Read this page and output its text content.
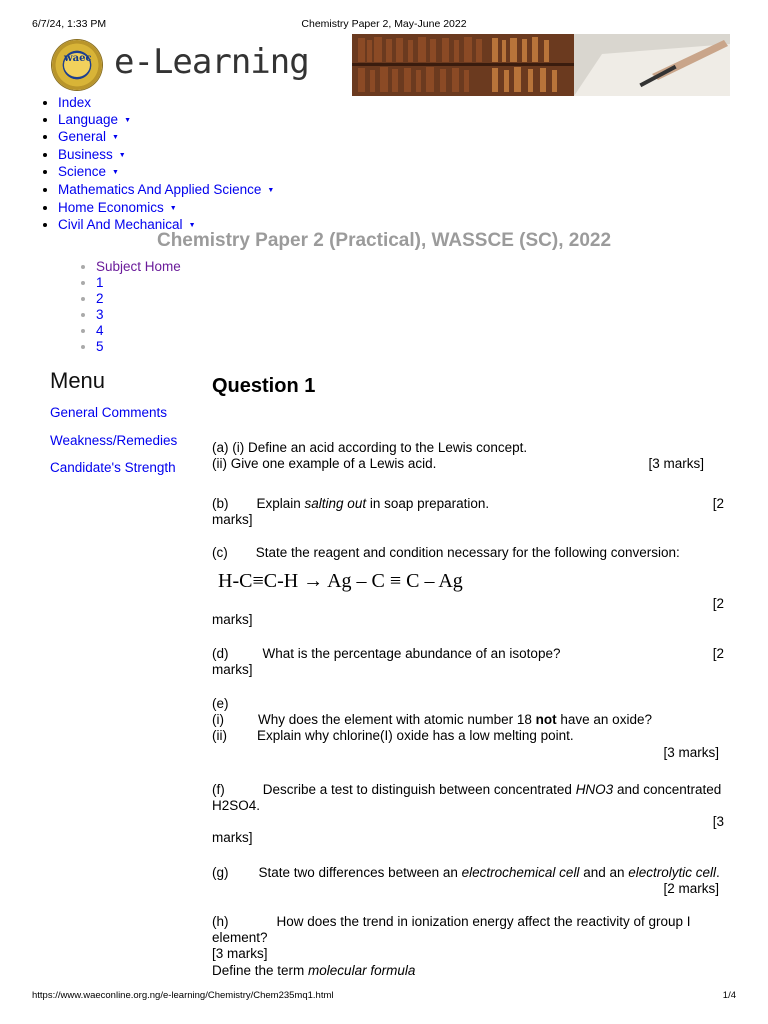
6/7/24, 1:33 PM	Chemistry Paper 2, May-June 2022
waec e-Learning
• Index
• Language ▼
• General ▼
• Business ▼
• Science ▼
• Mathematics And Applied Science ▼
• Home Economics ▼
• Civil And Mechanical ▼
Chemistry Paper 2 (Practical), WASSCE (SC), 2022
• Subject Home
• 1
• 2
• 3
• 4
• 5
Menu
General Comments
Weakness/Remedies
Candidate's Strength
Question 1
(a) (i) Define an acid according to the Lewis concept.
(ii) Give one example of a Lewis acid.	[3 marks]
(b) Explain salting out in soap preparation.	[2
marks]
(c) State the reagent and condition necessary for the following conversion:
H-C≡C-H → Ag – C ≡ C – Ag
[2
marks]
(d)	What is the percentage abundance of an isotope?	[2
marks]
(e)
(i)	Why does the element with atomic number 18 not have an oxide?
(ii) Explain why chlorine(I) oxide has a low melting point.
[3 marks]
(f)	Describe a test to distinguish between concentrated HNO3 and concentrated
H2SO4.
[3
marks]
(g) State two differences between an electrochemical cell and an electrolytic cell.
[2 marks]
(h)	How does the trend in ionization energy affect the reactivity of group I
element?
[3 marks]
Define the term molecular formula
https://www.waeconline.org.ng/e-learning/Chemistry/Chem235mq1.html	1/4
